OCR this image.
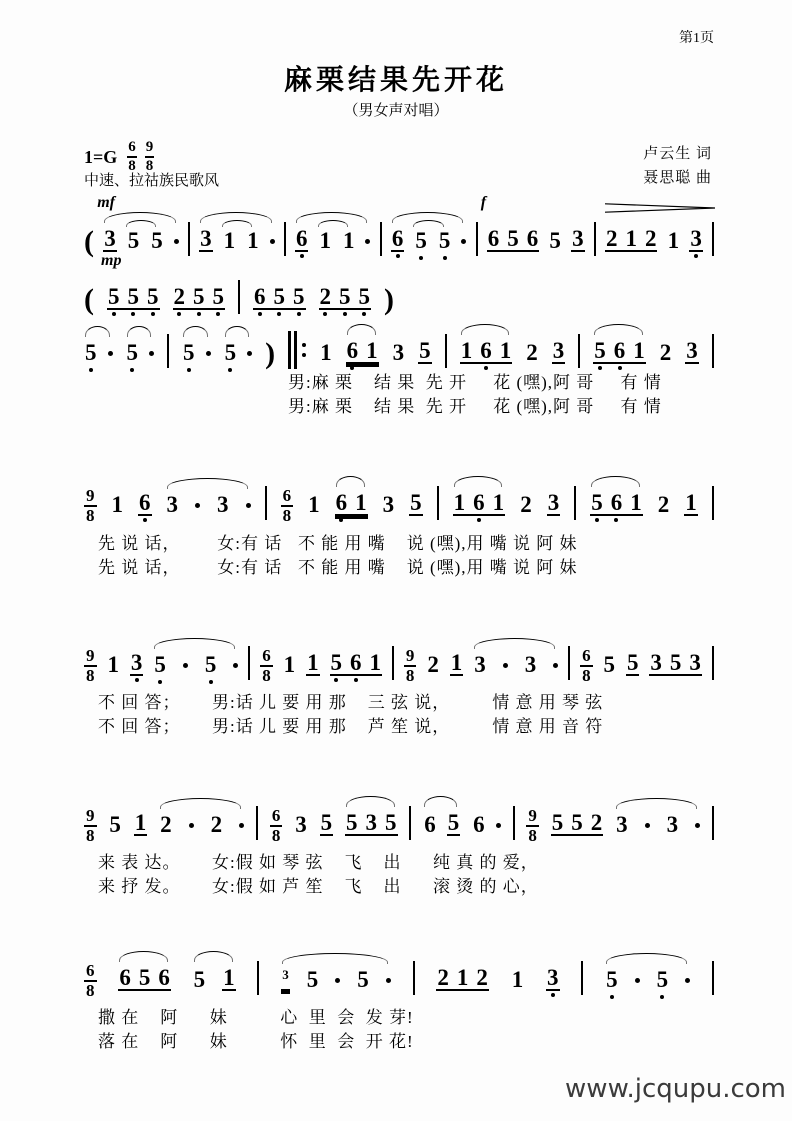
第1页
麻栗结果先开花
（男女声对唱）
$1=G \frac{6}{8} \frac{9}{8}$
中速、拉祜族民歌风
卢云生 词
聂思聪 曲
(
mf
3 5 5 3 1 1 6 1 1 6 5 5
f
6 5 6 5 3 2 1 2 1 3
(
mp
5 5 5 2 5 5 6 5 5 2 5 5 )
5 5 5 5 ) 1 6 1 3 5 1 6 1 2 3 5 6 1 2 3
男:麻 栗    结 果  先 开     花 (嘿),阿 哥     有 情
男:麻 栗    结 果  先 开     花 (嘿),阿 哥     有 情
$\frac{9}{8} 1$ 6 3 3	$\frac{6}{8} 1$ 6 1 3 5 1 6 1 2 3 5 6 1 2 1
先 说 话，       女:有 话   不 能 用 嘴    说 (嘿),用 嘴 说 阿 妹
先 说 话，       女:有 话   不 能 用 嘴    说 (嘿),用 嘴 说 阿 妹
$\frac{9}{8} 1$ 3 5 5	$\frac{6}{8} 1$ 1 5 6 $1 \frac{9}{8} 2$ 1 3 3	$\frac{6}{8} 5$ 5 3 5 3
不 回 答；      男:话 儿 要 用 那    三 弦 说，        情 意 用 琴 弦
不 回 答；      男:话 儿 要 用 那    芦 笙 说，        情 意 用 音 符
$\frac{9}{8} 5$ 1 2 2	$\frac{6}{8} 3$ 5 5 3 5 6 5 $6 \frac{9}{8} 5$ 5 2 3 3
来 表 达。      女:假 如 琴 弦    飞    出      纯 真 的 爱，
来 抒 发。      女:假 如 芦 笙    飞    出      滚 烫 的 心，
$\frac{6}{8} 6$ 5 6 5 1	3 5 5	2 1 2 1 3 5 5
撒 在    阿      妹          心  里  会  发 芽!
落 在    阿      妹          怀  里  会  开 花!
www.jcqupu.com
